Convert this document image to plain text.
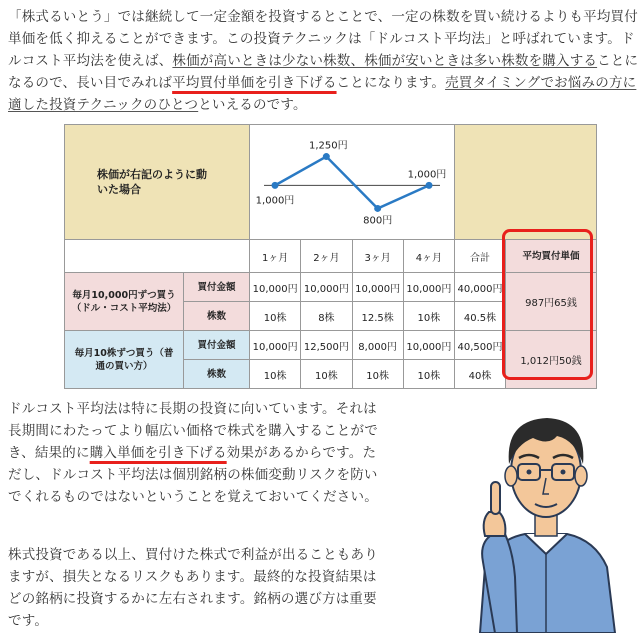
「株式るいとう」では継続して一定金額を投資するとことで、一定の株数を買い続けるよりも平均買付単価を低く抑えることができます。この投資テクニックは「ドルコスト平均法」と呼ばれています。ドルコスト平均法を使えば、株価が高いときは少ない株数、株価が安いときは多い株数を購入することになるので、長い目でみれば平均買付単価を引き下げることになります。売買タイミングでお悩みの方に適した投資テクニックのひとつといえるのです。
株価が右記のように動いた場合		1,000円
1,250円
800円
1,000円					

		1ヶ月	2ヶ月	3ヶ月	4ヶ月	合計	平均買付単価
毎月10,000円ずつ買う（ドル・コスト平均法）	買付金額	10,000円	10,000円	10,000円	10,000円	40,000円	987円65銭
	株数	10株	8株	12.5株	10株	40.5株	
毎月10株ずつ買う（普通の買い方）	買付金額	10,000円	12,500円	8,000円	10,000円	40,500円	1,012円50銭
	株数	10株	10株	10株	10株	40株	
ドルコスト平均法は特に長期の投資に向いています。それは長期間にわたってより幅広い価格で株式を購入することができ、結果的に購入単価を引き下げる効果があるからです。ただし、ドルコスト平均法は個別銘柄の株価変動リスクを防いでくれるものではないということを覚えておいてください。
株式投資である以上、買付けた株式で利益が出ることもありますが、損失となるリスクもあります。最終的な投資結果はどの銘柄に投資するかに左右されます。銘柄の選び方は重要です。
